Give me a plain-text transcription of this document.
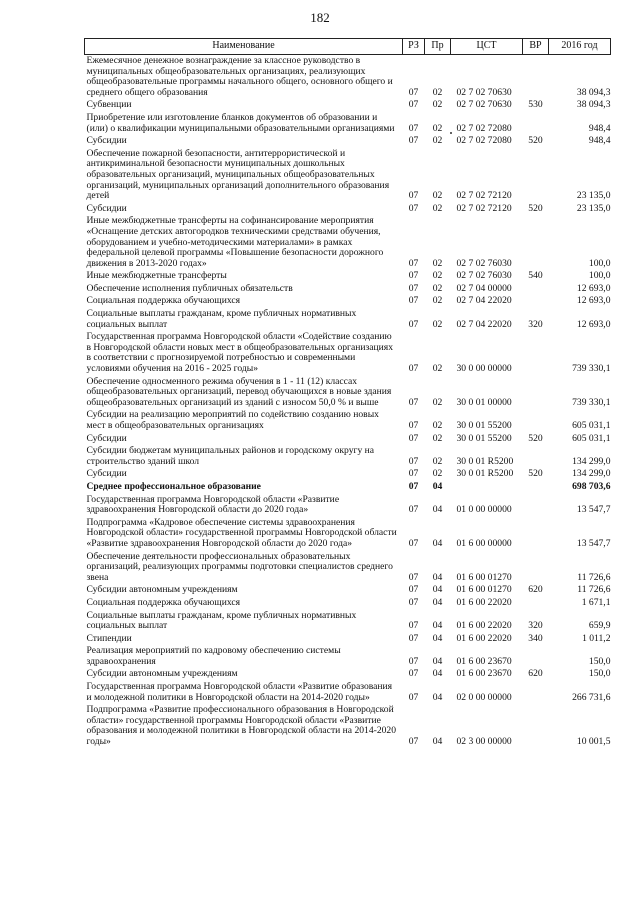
182
Наименование	РЗ	Пр	ЦСТ	ВР	2016 год
Ежемесячное денежное вознаграждение за классное руководство в муниципальных общеобразовательных организациях, реализующих общеобразовательные программы начального общего, основного общего и среднего общего образования	07	02	02 7 02 70630		38 094,3
Субвенции	07	02	02 7 02 70630	530	38 094,3
Приобретение или изготовление бланков документов об образовании и (или) о квалификации муниципальными образовательными организациями	07	02	02 7 02 72080		948,4
Субсидии	07	02	02 7 02 72080	520	948,4
Обеспечение пожарной безопасности, антитеррористической и антикриминальной безопасности муниципальных дошкольных образовательных организаций, муниципальных общеобразовательных организаций, муниципальных организаций дополнительного образования детей	07	02	02 7 02 72120		23 135,0
Субсидии	07	02	02 7 02 72120	520	23 135,0
Иные межбюджетные трансферты на софинансирование мероприятия «Оснащение детских автогородков техническими средствами обучения, оборудованием и учебно-методическими материалами» в рамках федеральной целевой программы «Повышение безопасности дорожного движения в 2013-2020 годах»	07	02	02 7 02 76030		100,0
Иные межбюджетные трансферты	07	02	02 7 02 76030	540	100,0
Обеспечение исполнения публичных обязательств	07	02	02 7 04 00000		12 693,0
Социальная поддержка обучающихся	07	02	02 7 04 22020		12 693,0
Социальные выплаты гражданам, кроме публичных нормативных социальных выплат	07	02	02 7 04 22020	320	12 693,0
Государственная программа Новгородской области «Содействие созданию в Новгородской области новых мест в общеобразовательных организациях в соответствии с прогнозируемой потребностью и современными условиями обучения на 2016 - 2025 годы»	07	02	30 0 00 00000		739 330,1
Обеспечение односменного режима обучения в 1 - 11 (12) классах общеобразовательных организаций, перевод обучающихся в новые здания общеобразовательных организаций из зданий с износом 50,0 % и выше	07	02	30 0 01 00000		739 330,1
Субсидии на реализацию мероприятий по содействию созданию новых мест в общеобразовательных организациях	07	02	30 0 01 55200		605 031,1
Субсидии	07	02	30 0 01 55200	520	605 031,1
Субсидии бюджетам муниципальных районов и городскому округу на строительство зданий школ	07	02	30 0 01 R5200		134 299,0
Субсидии	07	02	30 0 01 R5200	520	134 299,0
Среднее профессиональное образование	07	04			698 703,6
Государственная программа Новгородской области «Развитие здравоохранения Новгородской области до 2020 года»	07	04	01 0 00 00000		13 547,7
Подпрограмма «Кадровое обеспечение системы здравоохранения Новгородской области» государственной программы Новгородской области «Развитие здравоохранения Новгородской области до 2020 года»	07	04	01 6 00 00000		13 547,7
Обеспечение деятельности профессиональных образовательных организаций, реализующих программы подготовки специалистов среднего звена	07	04	01 6 00 01270		11 726,6
Субсидии автономным учреждениям	07	04	01 6 00 01270	620	11 726,6
Социальная поддержка обучающихся	07	04	01 6 00 22020		1 671,1
Социальные выплаты гражданам, кроме публичных нормативных социальных выплат	07	04	01 6 00 22020	320	659,9
Стипендии	07	04	01 6 00 22020	340	1 011,2
Реализация мероприятий по кадровому обеспечению системы здравоохранения	07	04	01 6 00 23670		150,0
Субсидии автономным учреждениям	07	04	01 6 00 23670	620	150,0
Государственная программа Новгородской области «Развитие образования и молодежной политики в Новгородской области на 2014-2020 годы»	07	04	02 0 00 00000		266 731,6
Подпрограмма «Развитие профессионального образования в Новгородской области» государственной программы Новгородской области «Развитие образования и молодежной политики в Новгородской области на 2014-2020 годы»	07	04	02 3 00 00000		10 001,5
